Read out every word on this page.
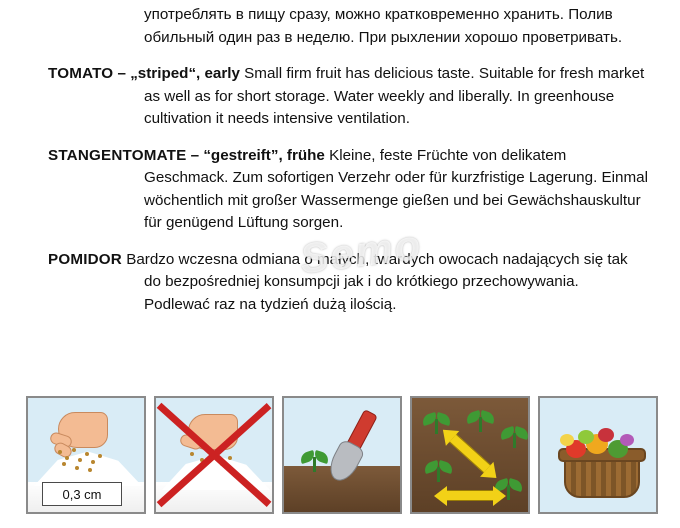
употреблять в пищу сразу, можно кратковременно хранить. Полив обильный один раз в неделю. При рыхлении хорошо проветривать.

TOMATO – „striped“, early Small firm fruit has delicious taste. Suitable for fresh market as well as for short storage. Water weekly and liberally. In greenhouse cultivation it needs intensive ventilation.

STANGENTOMATE – “gestreift”, frühe Kleine, feste Früchte von delikatem Geschmack. Zum sofortigen Verzehr oder für kurzfristige Lagerung. Einmal wöchentlich mit großer Wassermenge gießen und bei Gewächshauskultur für genügend Lüftung sorgen.

POMIDOR Bardzo wczesna odmiana o małych, twardych owocach nadających się tak do bezpośredniej konsumpcji jak i do krótkiego przechowywania. Podlewać raz na tydzień dużą ilością.

Semo
0,3 cm
